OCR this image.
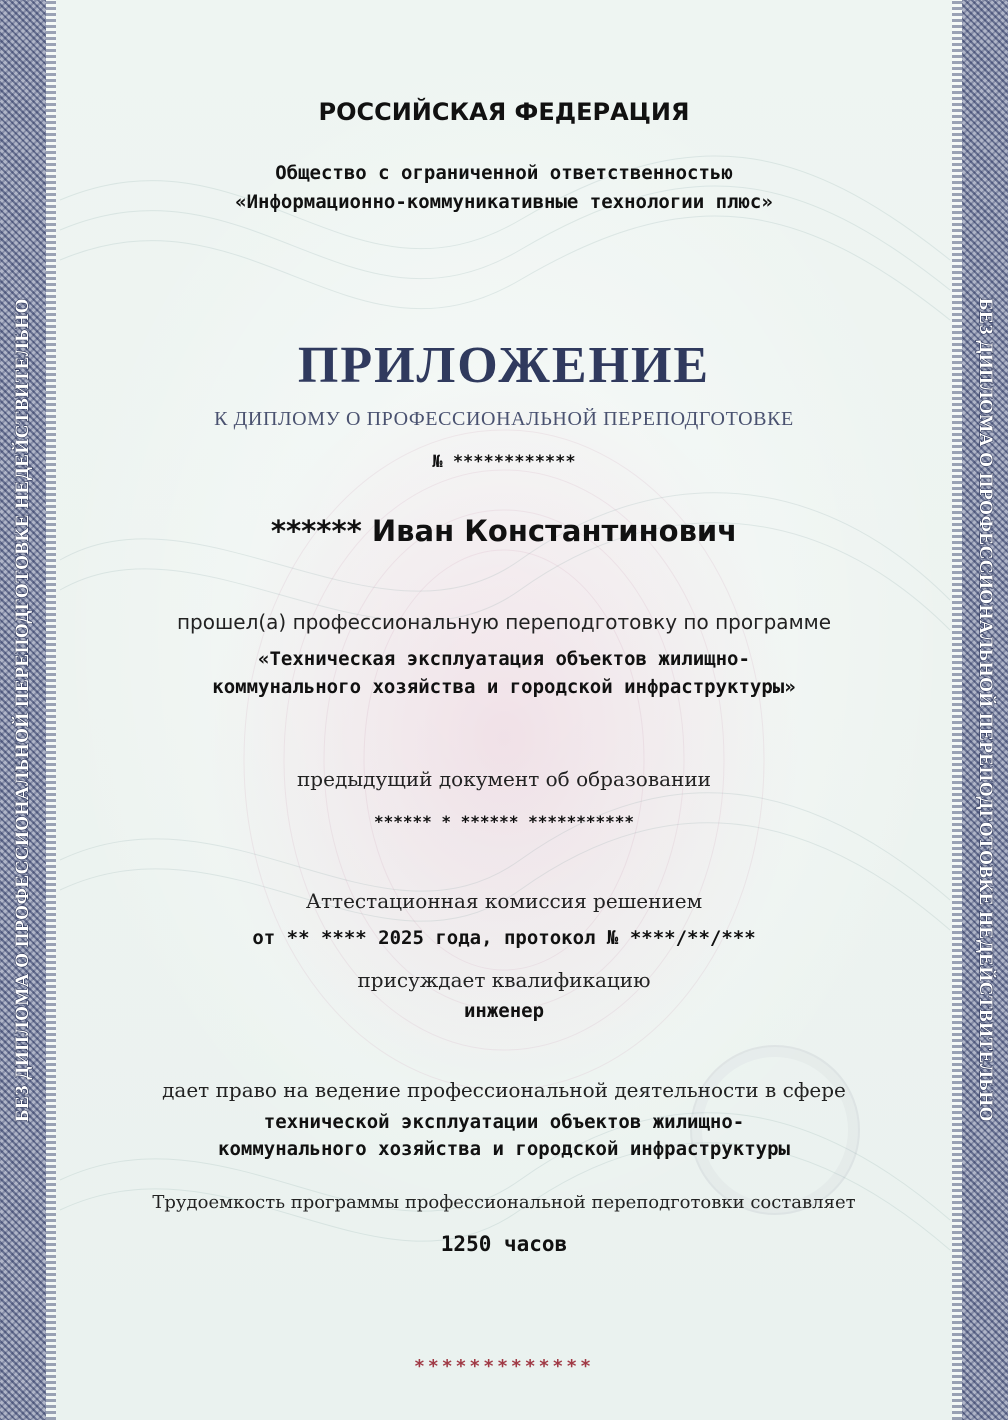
БЕЗ ДИПЛОМА О ПРОФЕССИОНАЛЬНОЙ ПЕРЕПОДГОТОВКЕ НЕДЕЙСТВИТЕЛЬНО	БЕЗ ДИПЛОМА О ПРОФЕССИОНАЛЬНОЙ ПЕРЕПОДГОТОВКЕ НЕДЕЙСТВИТЕЛЬНО
РОССИЙСКАЯ ФЕДЕРАЦИЯ
Общество с ограниченной ответственностью
«Информационно-коммуникативные технологии плюс»
ПРИЛОЖЕНИЕ
К ДИПЛОМУ О ПРОФЕССИОНАЛЬНОЙ ПЕРЕПОДГОТОВКЕ
№ ************
****** Иван Константинович
прошел(а) профессиональную переподготовку по программе
«Техническая эксплуатация объектов жилищно-
коммунального хозяйства и городской инфраструктуры»
предыдущий документ об образовании
****** * ****** ***********
Аттестационная комиссия решением
от ** **** 2025 года, протокол № ****/**/***
присуждает квалификацию
инженер
дает право на ведение профессиональной деятельности в сфере
технической эксплуатации объектов жилищно-
коммунального хозяйства и городской инфраструктуры
Трудоемкость программы профессиональной переподготовки составляет
1250 часов
*************
